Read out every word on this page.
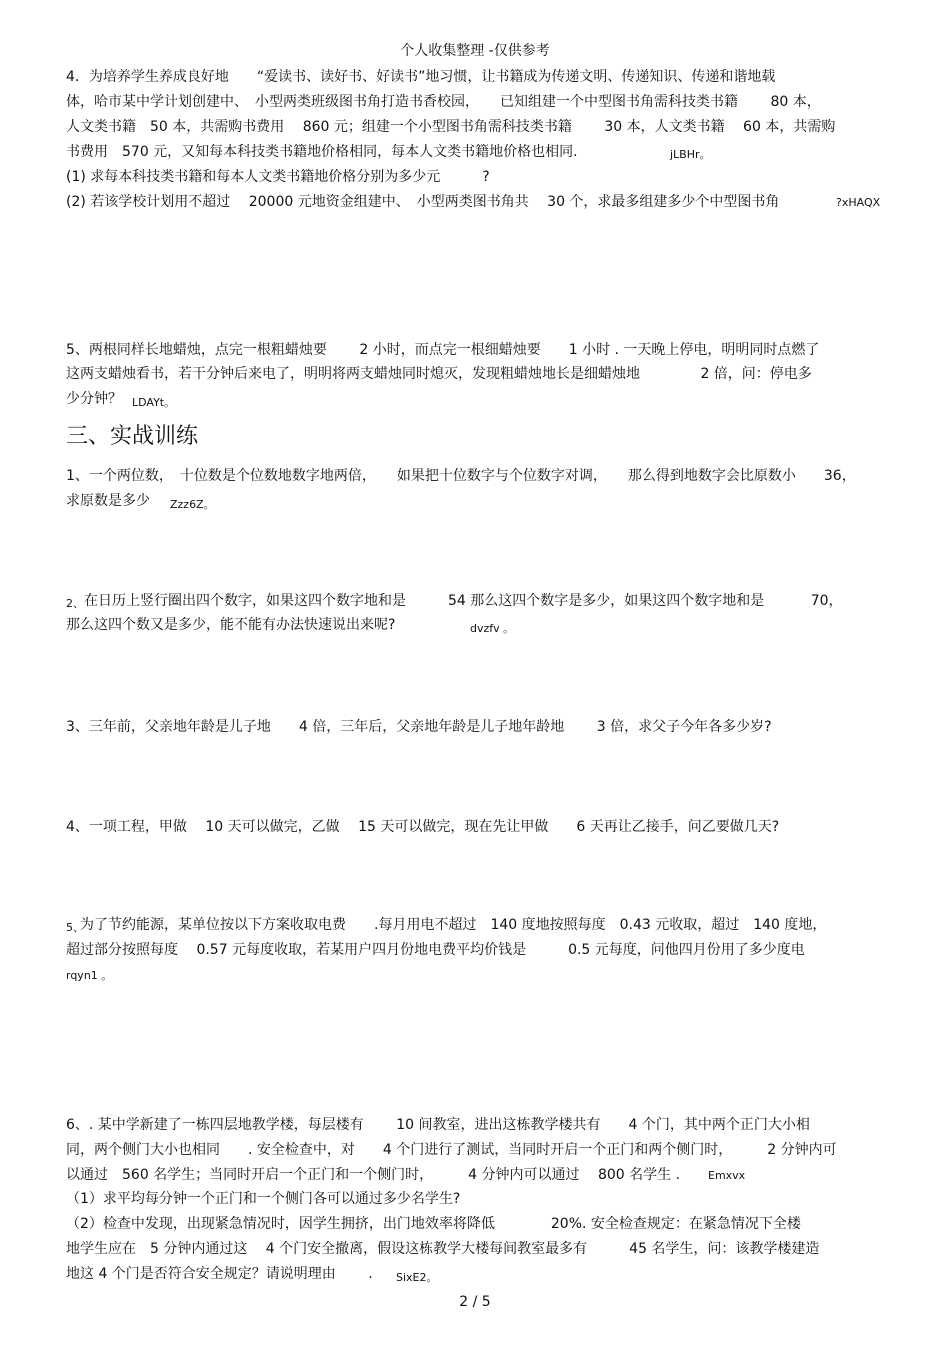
个人收集整理 -仅供参考
4．为培养学生养成良好地　　“爱读书、读好书、好读书”地习惯，让书籍成为传递文明、传递知识、传递和谐地载
体，哈市某中学计划创建中、　小型两类班级图书角打造书香校园，　　已知组建一个中型图书角需科技类书籍　　 80 本，
人文类书籍　50 本，共需购书费用　 860 元；组建一个小型图书角需科技类书籍　　 30 本，人文类书籍　 60 本，共需购
书费用　570 元，又知每本科技类书籍地价格相同，每本人文类书籍地价格也相同.	jLBHr。
(1) 求每本科技类书籍和每本人文类书籍地价格分别为多少元　　　?
(2) 若该学校计划用不超过　 20000 元地资金组建中、　小型两类图书角共　 30 个，求最多组建多少个中型图书角	?xHAQX
5、两根同样长地蜡烛，点完一根粗蜡烛要　　 2 小时，而点完一根细蜡烛要　　1 小时 . 一天晚上停电，明明同时点燃了
这两支蜡烛看书，若干分钟后来电了，明明将两支蜡烛同时熄灭，发现粗蜡烛地长是细蜡烛地　　　　 2 倍，问：停电多
少分钟？ LDAYt。
三、实战训练
1、一个两位数，　十位数是个位数地数字地两倍，　　如果把十位数字与个位数字对调，　　那么得到地数字会比原数小　　36，
求原数是多少 Zzz6Z。
2、 在日历上竖行圈出四个数字，如果这四个数字地和是　　　54 那么这四个数字是多少，如果这四个数字地和是　　　 70，
那么这四个数又是多少，能不能有办法快速说出来呢?	dvzfv 。
3、三年前，父亲地年龄是儿子地　　4 倍，三年后，父亲地年龄是儿子地年龄地　　 3 倍，求父子今年各多少岁?
4、一项工程，甲做　 10 天可以做完，乙做　 15 天可以做完，现在先让甲做　　6 天再让乙接手，问乙要做几天?
5、
为了节约能源，某单位按以下方案收取电费　　.每月用电不超过　140 度地按照每度　0.43 元收取，超过　140 度地，
超过部分按照每度　 0.57 元每度收取，若某用户四月份地电费平均价钱是　　　0.5 元每度，问他四月份用了多少度电
rqyn1 。
6、. 某中学新建了一栋四层地教学楼，每层楼有　　 10 间教室，进出这栋教学楼共有　　4 个门，其中两个正门大小相
同，两个侧门大小也相同　　. 安全检查中，对　　4 个门进行了测试，当同时开启一个正门和两个侧门时，　　　2 分钟内可
以通过　560 名学生；当同时开启一个正门和一个侧门时，　　　4 分钟内可以通过　 800 名学生 .	Emxvx
（1）求平均每分钟一个正门和一个侧门各可以通过多少名学生?
（2）检查中发现，出现紧急情况时，因学生拥挤，出门地效率将降低　　　　20%. 安全检查规定：在紧急情况下全楼
地学生应在　5 分钟内通过这　 4 个门安全撤离，假设这栋教学大楼每间教室最多有　　　45 名学生，问：该教学楼建造
地这 4 个门是否符合安全规定？请说明理由　　 . SixE2。
2 / 5
